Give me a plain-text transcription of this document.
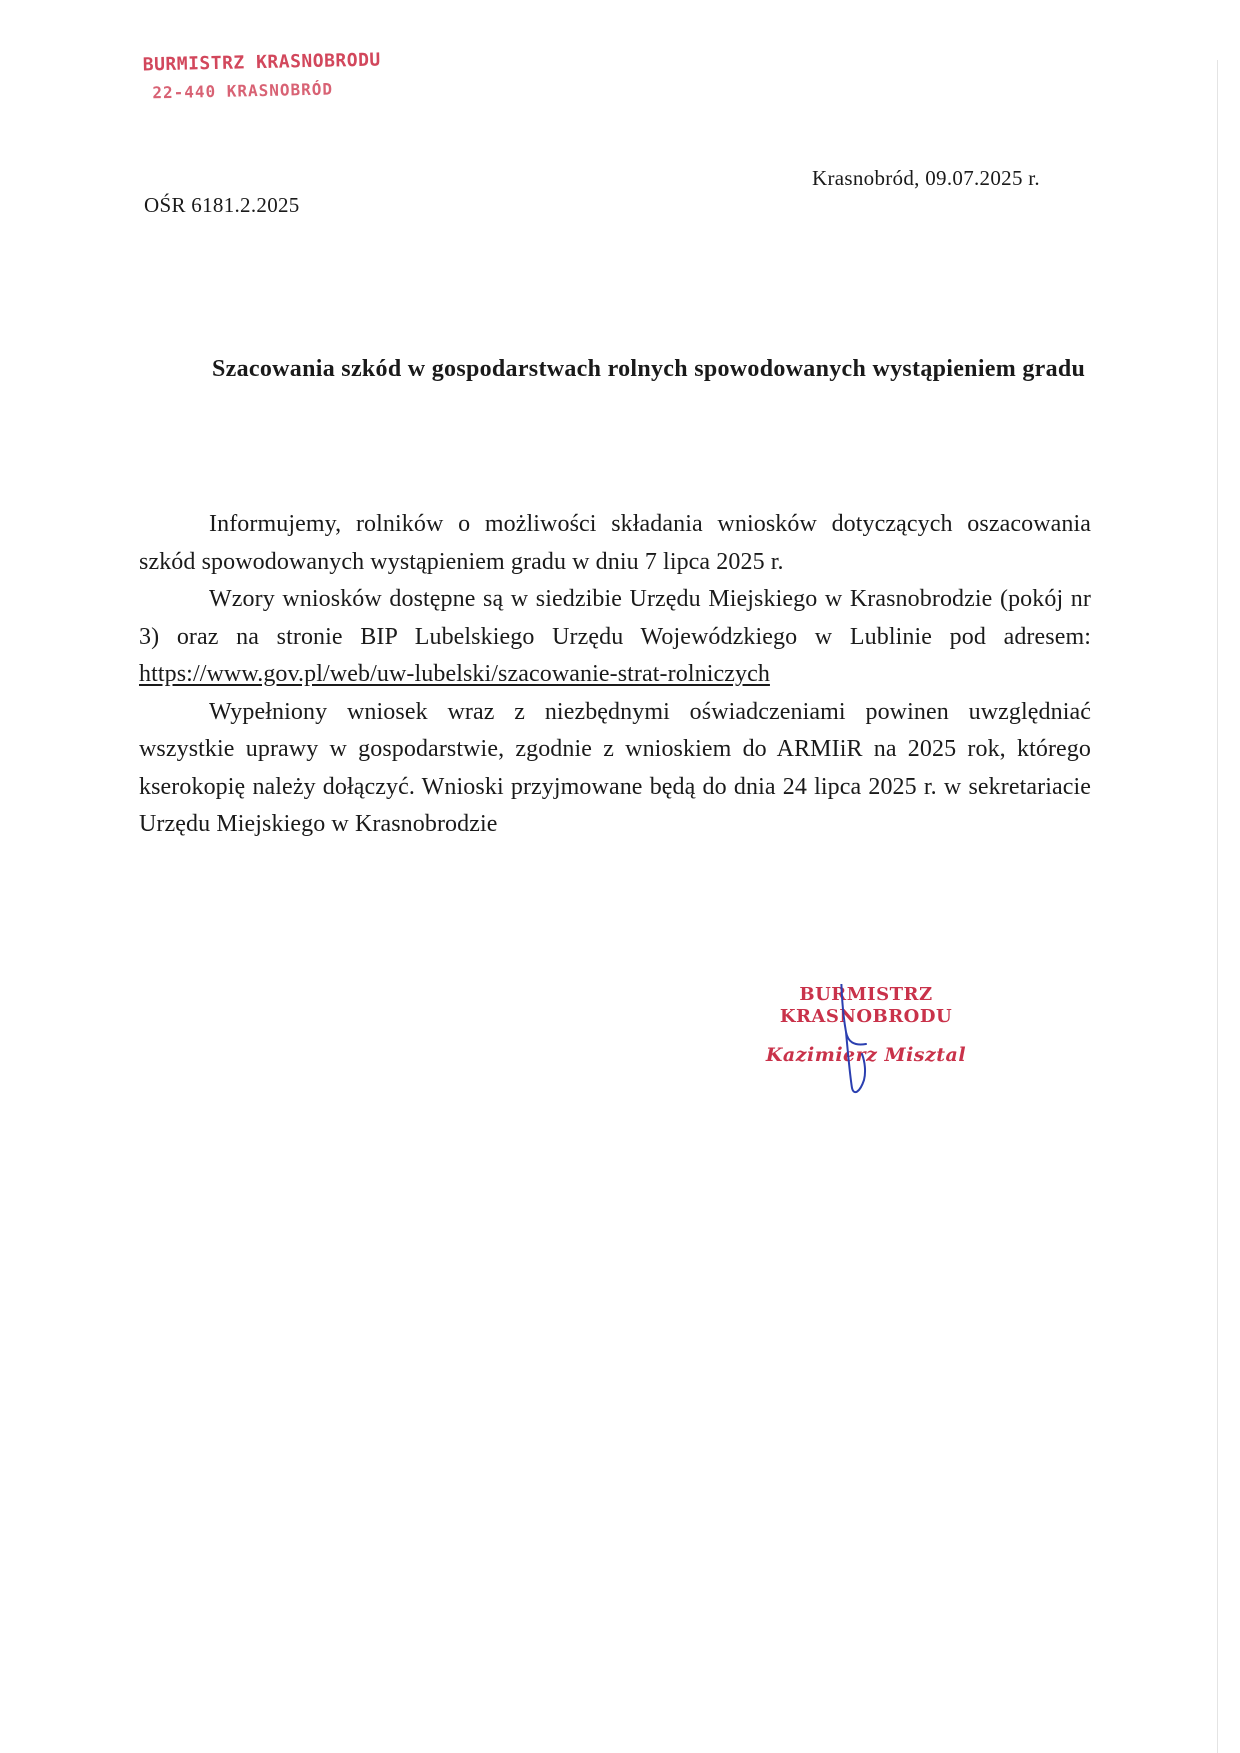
BURMISTRZ KRASNOBRODU
22-440 KRASNOBRÓD
Krasnobród, 09.07.2025 r.
OŚR 6181.2.2025
Szacowania szkód w gospodarstwach rolnych spowodowanych wystąpieniem gradu

Informujemy, rolników o możliwości składania wniosków dotyczących oszacowania szkód spowodowanych wystąpieniem gradu w dniu 7 lipca 2025 r.

Wzory wniosków dostępne są w siedzibie Urzędu Miejskiego w Krasnobrodzie (pokój nr 3) oraz na stronie BIP Lubelskiego Urzędu Wojewódzkiego w Lublinie pod adresem: https://www.gov.pl/web/uw-lubelski/szacowanie-strat-rolniczych

Wypełniony wniosek wraz z niezbędnymi oświadczeniami powinen uwzględniać wszystkie uprawy w gospodarstwie, zgodnie z wnioskiem do ARMIiR na 2025 rok, którego kserokopię należy dołączyć. Wnioski przyjmowane będą do dnia 24 lipca 2025 r. w sekretariacie Urzędu Miejskiego w Krasnobrodzie

BURMISTRZ
KRASNOBRODU
Kazimierz Misztal
